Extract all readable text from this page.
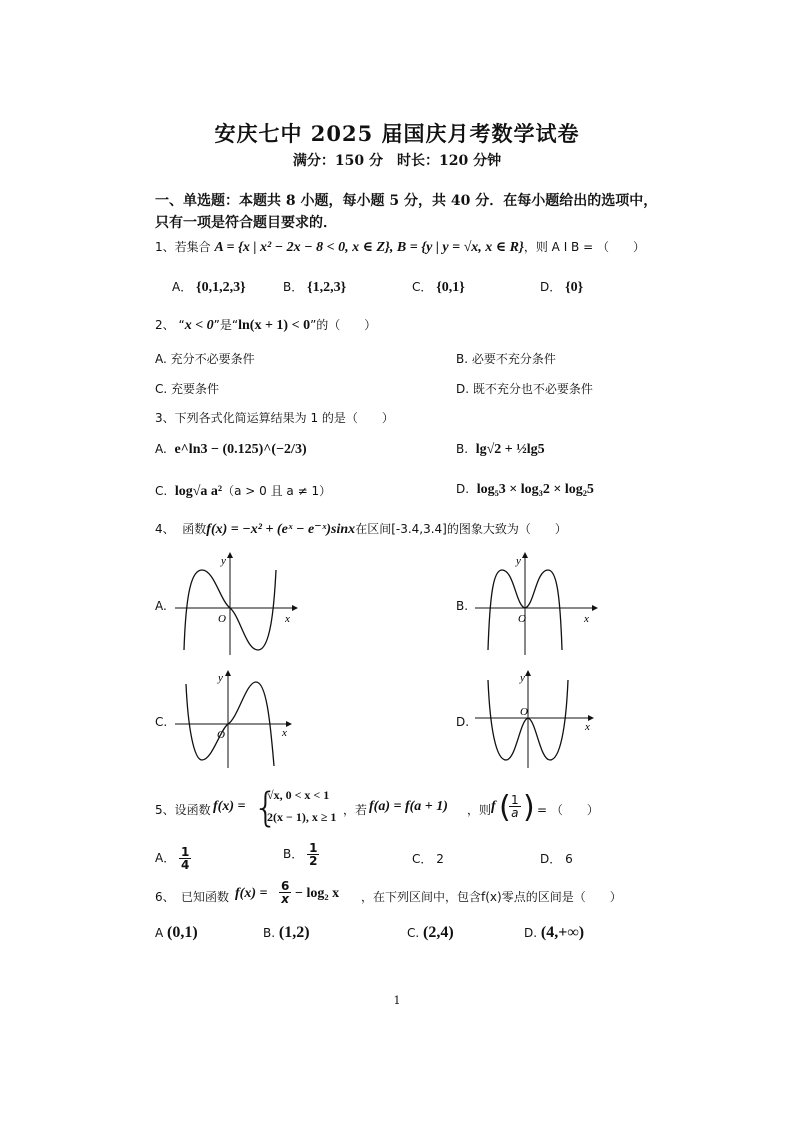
安庆七中 2025 届国庆月考数学试卷
满分：150 分　时长：120 分钟
一、单选题：本题共 8 小题，每小题 5 分，共 40 分．在每小题给出的选项中，
只有一项是符合题目要求的．
1、若集合 A = {x | x² − 2x − 8 < 0, x ∈ Z}, B = {y | y = √x, x ∈ R}，则 A I B = （　　）
A． {0,1,2,3}	B． {1,2,3}	C． {0,1}	D． {0}
2、 “x < 0”是“ln(x + 1) < 0”的（　　）
A. 充分不必要条件	B. 必要不充分条件
C. 充要条件	D. 既不充分也不必要条件
3、下列各式化简运算结果为 1 的是（　　）
A. e^ln3 − (0.125)^(−2/3)	B. lg√2 + ½lg5
C. log√a a²（a > 0 且 a ≠ 1）	D. log₅3 × log₃2 × log₂5
4、 函数f(x) = −x² + (eˣ − e⁻ˣ)sinx在区间[-3.4,3.4]的图象大致为（　　）
A.
y
x
O
B.
y
x
O
C.
y
x
O
D.
y
x
O
5、设函数 f(x) = {
√x, 0 < x < 1
2(x − 1), x ≥ 1 ，若 f(a) = f(a + 1) ，则 f (
$\frac{1}{a}$ ) = （　　）
A． $\frac{1}{4}$	B． $\frac{1}{2}$	C． 2	D． 6
6、 已知函数 $f(x) = \frac{6}{x} - \log_2$ x ，在下列区间中，包含f(x)零点的区间是（　　）
A (0,1)	B. (1,2)	C. (2,4)	D. (4,+∞)
1
